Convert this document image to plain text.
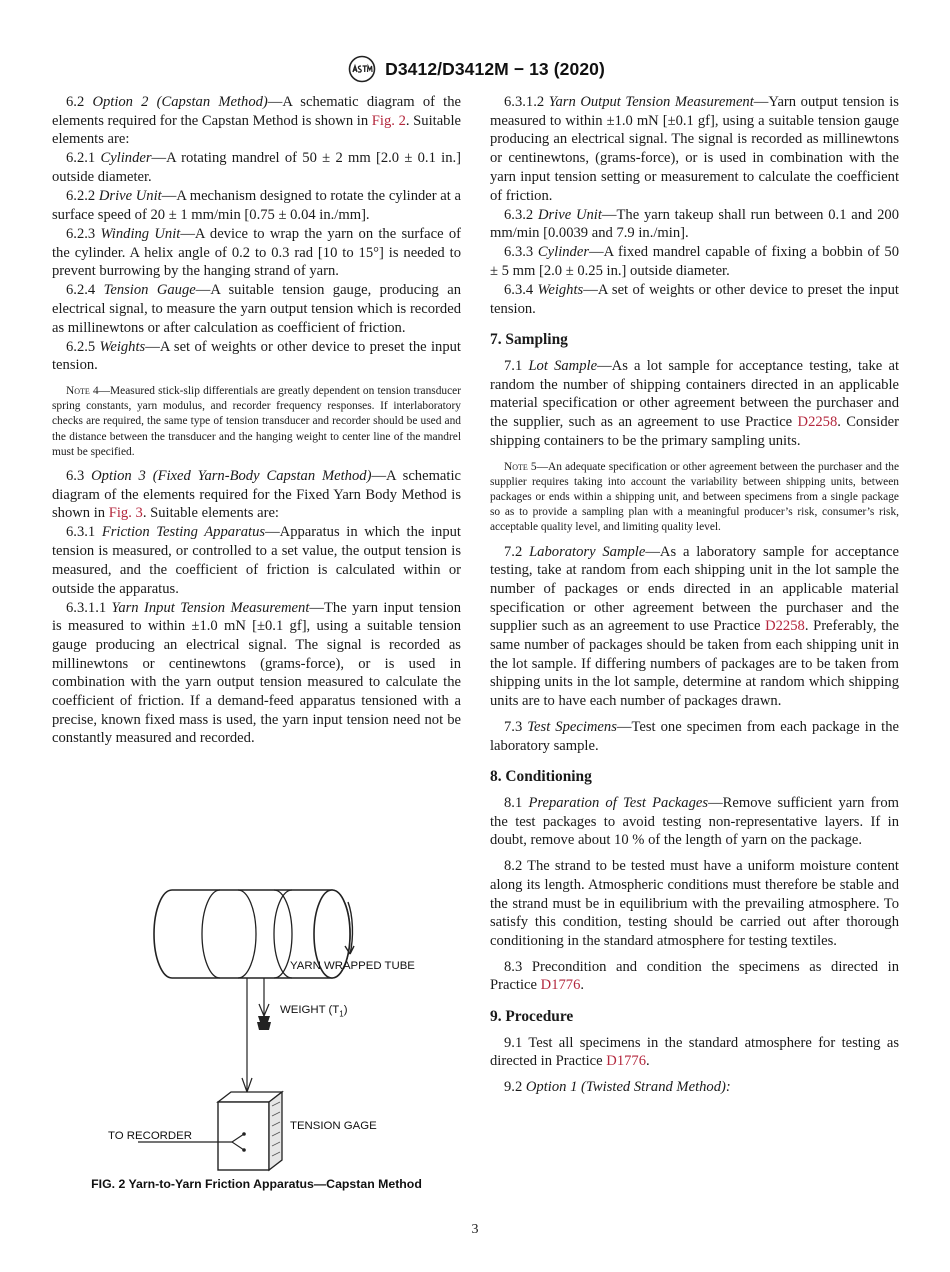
D3412/D3412M − 13 (2020)

6.2 Option 2 (Capstan Method)—A schematic diagram of the elements required for the Capstan Method is shown in Fig. 2. Suitable elements are:

6.2.1 Cylinder—A rotating mandrel of 50 ± 2 mm [2.0 ± 0.1 in.] outside diameter.

6.2.2 Drive Unit—A mechanism designed to rotate the cylinder at a surface speed of 20 ± 1 mm/min [0.75 ± 0.04 in./mm].

6.2.3 Winding Unit—A device to wrap the yarn on the surface of the cylinder. A helix angle of 0.2 to 0.3 rad [10 to 15°] is needed to prevent burrowing by the hanging strand of yarn.

6.2.4 Tension Gauge—A suitable tension gauge, producing an electrical signal, to measure the yarn output tension which is recorded as millinewtons or after calculation as coefficient of friction.

6.2.5 Weights—A set of weights or other device to preset the input tension.

Note 4—Measured stick-slip differentials are greatly dependent on tension transducer spring constants, yarn modulus, and recorder frequency responses. If interlaboratory checks are required, the same type of tension transducer and recorder should be used and the distance between the transducer and the hanging weight to center line of the mandrel must be specified.

6.3 Option 3 (Fixed Yarn-Body Capstan Method)—A schematic diagram of the elements required for the Fixed Yarn Body Method is shown in Fig. 3. Suitable elements are:

6.3.1 Friction Testing Apparatus—Apparatus in which the input tension is measured, or controlled to a set value, the output tension is measured, and the coefficient of friction is calculated within or outside the apparatus.

6.3.1.1 Yarn Input Tension Measurement—The yarn input tension is measured to within ±1.0 mN [±0.1 gf], using a suitable tension gauge producing an electrical signal. The signal is recorded as millinewtons or centinewtons (grams-force), or is used in combination with the yarn output tension measured to calculate the coefficient of friction. If a demand-feed apparatus tensioned with a precise, known fixed mass is used, the yarn input tension need not be constantly measured and recorded.

YARN WRAPPED TUBE
WEIGHT $(T_1)$
TENSION GAGE
TO RECORDER
FIG. 2 Yarn-to-Yarn Friction Apparatus—Capstan Method

6.3.1.2 Yarn Output Tension Measurement—Yarn output tension is measured to within ±1.0 mN [±0.1 gf], using a suitable tension gauge producing an electrical signal. The signal is recorded as millinewtons or centinewtons, (grams-force), or is used in combination with the yarn input tension setting or measurement to calculate the coefficient of friction.

6.3.2 Drive Unit—The yarn takeup shall run between 0.1 and 200 mm/min [0.0039 and 7.9 in./min].

6.3.3 Cylinder—A fixed mandrel capable of fixing a bobbin of 50 ± 5 mm [2.0 ± 0.25 in.] outside diameter.

6.3.4 Weights—A set of weights or other device to preset the input tension.

7. Sampling

7.1 Lot Sample—As a lot sample for acceptance testing, take at random the number of shipping containers directed in an applicable material specification or other agreement between the purchaser and the supplier, such as an agreement to use Practice D2258. Consider shipping containers to be the primary sampling units.

Note 5—An adequate specification or other agreement between the purchaser and the supplier requires taking into account the variability between shipping units, between packages or ends within a shipping unit, and between specimens from a single package so as to provide a sampling plan with a meaningful producer’s risk, consumer’s risk, acceptable quality level, and limiting quality level.

7.2 Laboratory Sample—As a laboratory sample for acceptance testing, take at random from each shipping unit in the lot sample the number of packages or ends directed in an applicable material specification or other agreement between the purchaser and the supplier such as an agreement to use Practice D2258. Preferably, the same number of packages should be taken from each shipping unit in the lot sample. If differing numbers of packages are to be taken from shipping units in the lot sample, determine at random which shipping units are to have each number of packages drawn.

7.3 Test Specimens—Test one specimen from each package in the laboratory sample.

8. Conditioning

8.1 Preparation of Test Packages—Remove sufficient yarn from the test packages to avoid testing non-representative layers. If in doubt, remove about 10 % of the length of yarn on the package.

8.2 The strand to be tested must have a uniform moisture content along its length. Atmospheric conditions must therefore be stable and the strand must be in equilibrium with the prevailing atmosphere. To satisfy this condition, testing should be carried out after thorough conditioning in the standard atmosphere for testing textiles.

8.3 Precondition and condition the specimens as directed in Practice D1776.

9. Procedure

9.1 Test all specimens in the standard atmosphere for testing as directed in Practice D1776.

9.2 Option 1 (Twisted Strand Method):

3
